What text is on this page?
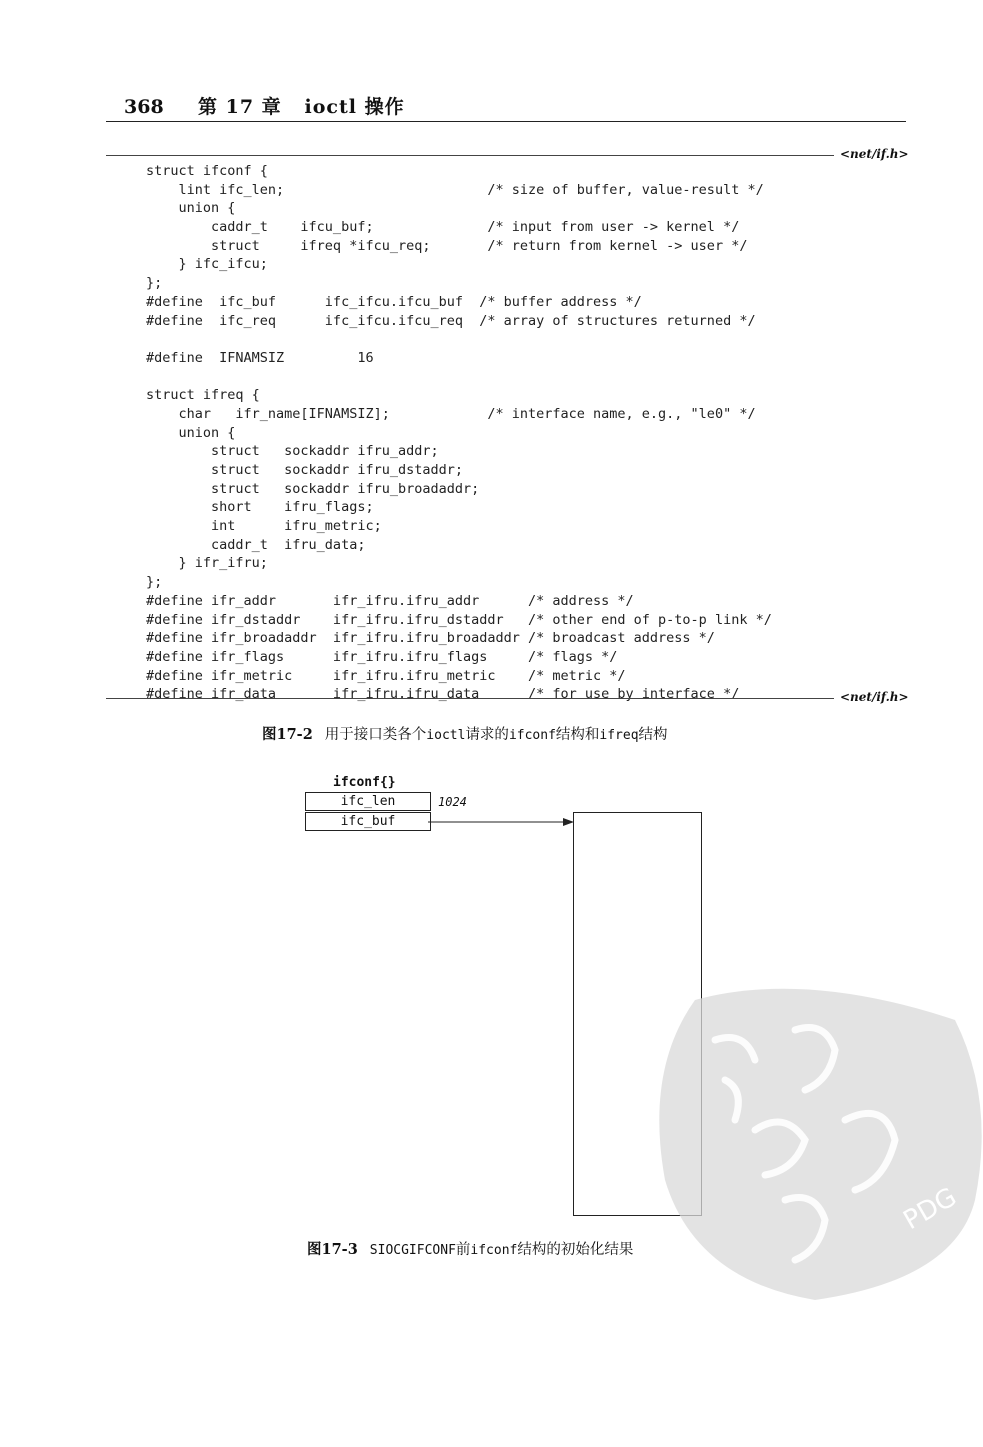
368 第 17 章   ioctl 操作
<net/if.h>
struct ifconf {
lint ifc_len;                         /* size of buffer, value-result */
union {
caddr_t    ifcu_buf;              /* input from user -> kernel */
struct     ifreq *ifcu_req;       /* return from kernel -> user */
} ifc_ifcu;
};
#define  ifc_buf      ifc_ifcu.ifcu_buf  /* buffer address */
#define  ifc_req      ifc_ifcu.ifcu_req  /* array of structures returned */
#define  IFNAMSIZ         16
struct ifreq {
char   ifr_name[IFNAMSIZ];            /* interface name, e.g., "le0" */
union {
struct   sockaddr ifru_addr;
struct   sockaddr ifru_dstaddr;
struct   sockaddr ifru_broadaddr;
short    ifru_flags;
int      ifru_metric;
caddr_t  ifru_data;
} ifr_ifru;
};
#define ifr_addr       ifr_ifru.ifru_addr      /* address */
#define ifr_dstaddr    ifr_ifru.ifru_dstaddr   /* other end of p-to-p link */
#define ifr_broadaddr  ifr_ifru.ifru_broadaddr /* broadcast address */
#define ifr_flags      ifr_ifru.ifru_flags     /* flags */
#define ifr_metric     ifr_ifru.ifru_metric    /* metric */
#define ifr_data       ifr_ifru.ifru_data      /* for use by interface */	<net/if.h>
图17-2 用于接口类各个ioctl请求的ifconf结构和ifreq结构
ifconf{}
ifc_len
ifc_buf
1024
图17-3 SIOCGIFCONF前ifconf结构的初始化结果
PDG
